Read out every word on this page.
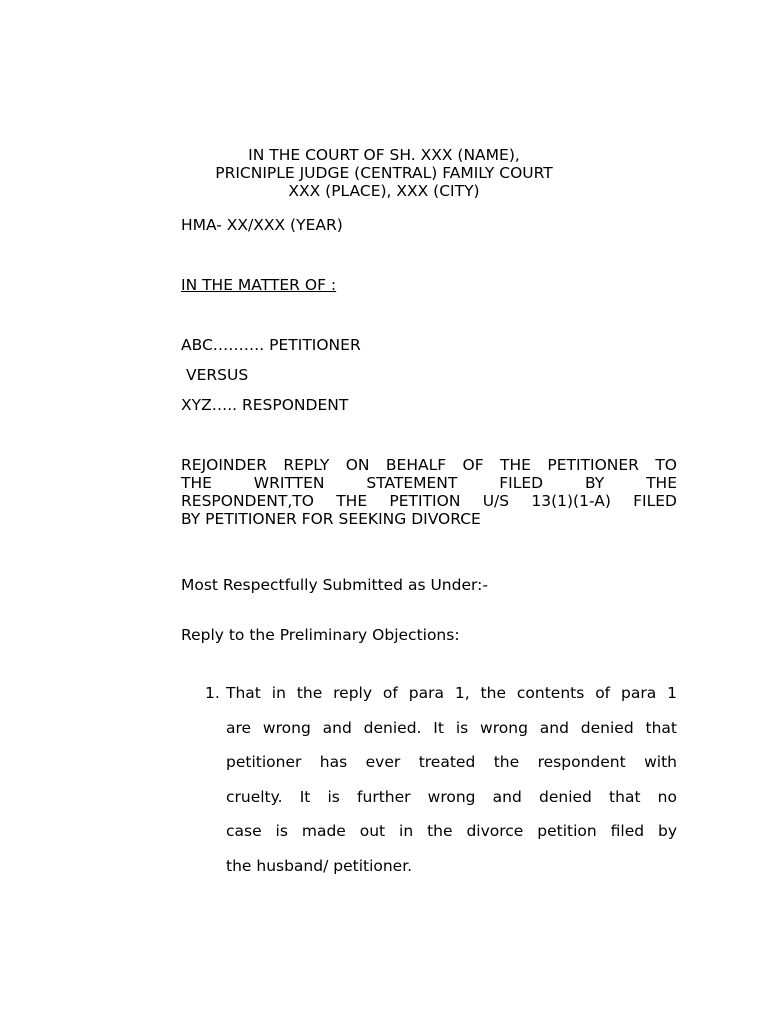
IN THE COURT OF SH. XXX (NAME),
PRICNIPLE JUDGE (CENTRAL) FAMILY COURT
XXX (PLACE), XXX (CITY)
HMA- XX/XXX (YEAR)
IN THE MATTER OF :
ABC………. PETITIONER
VERSUS
XYZ….. RESPONDENT
REJOINDER REPLY ON BEHALF OF THE PETITIONER TO
THE WRITTEN STATEMENT FILED BY THE
RESPONDENT,TO THE PETITION U/S 13(1)(1-A) FILED
BY PETITIONER FOR SEEKING DIVORCE
Most Respectfully Submitted as Under:-
Reply to the Preliminary Objections:
1. That in the reply of para 1, the contents of para 1
are wrong and denied. It is wrong and denied that
petitioner has ever treated the respondent with
cruelty. It is further wrong and denied that no
case is made out in the divorce petition filed by
the husband/ petitioner.
